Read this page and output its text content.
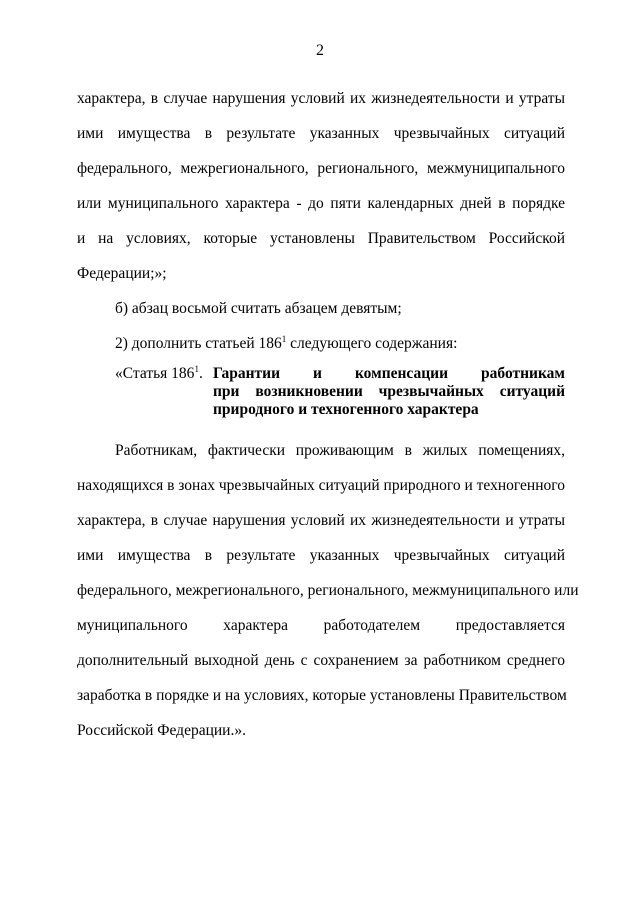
2
характера, в случае нарушения условий их жизнедеятельности и утраты
ими имущества в результате указанных чрезвычайных ситуаций
федерального, межрегионального, регионального, межмуниципального
или муниципального характера - до пяти календарных дней в порядке
и на условиях, которые установлены Правительством Российской
Федерации;»;
б) абзац восьмой считать абзацем девятым;
2) дополнить статьей $186^1$ следующего содержания:
«Статья $186^1$. Гарантии и компенсации работникам
при возникновении чрезвычайных ситуаций
природного и техногенного характера
Работникам, фактически проживающим в жилых помещениях,
находящихся в зонах чрезвычайных ситуаций природного и техногенного
характера, в случае нарушения условий их жизнедеятельности и утраты
ими имущества в результате указанных чрезвычайных ситуаций
федерального, межрегионального, регионального, межмуниципального или
муниципального характера работодателем предоставляется
дополнительный выходной день с сохранением за работником среднего
заработка в порядке и на условиях, которые установлены Правительством
Российской Федерации.».
